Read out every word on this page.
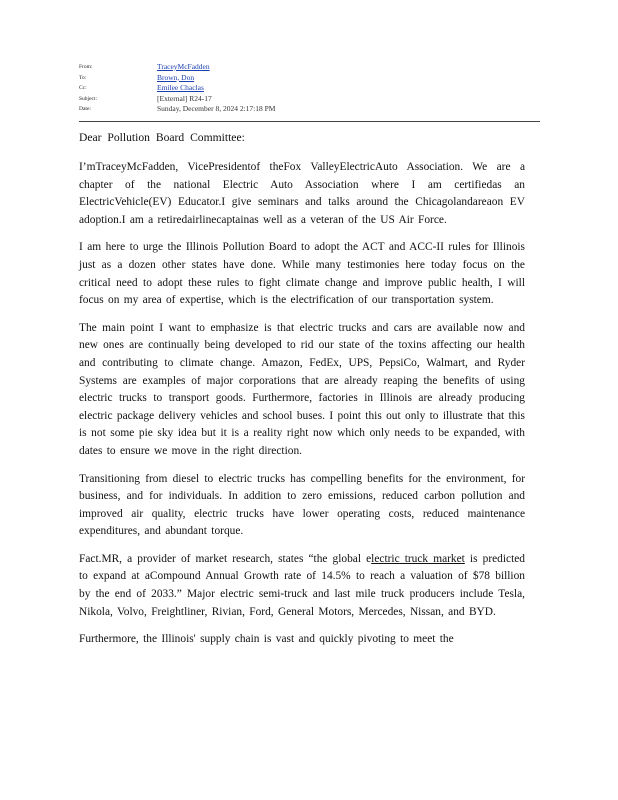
From:	TraceyMcFadden
To:	Brown, Don
Cc:	Emilee Chaclas
Subject:	[External] R24-17
Date:	Sunday, December 8, 2024 2:17:18 PM

Dear Pollution Board Committee:

I’mTraceyMcFadden, VicePresidentof theFox ValleyElectricAuto Association. We are a chapter of the national Electric Auto Association where I am certifiedas an ElectricVehicle(EV) Educator.I give seminars and talks around the Chicagolandareaon EV adoption.I am a retiredairlinecaptainas well as a veteran of the US Air Force.

I am here to urge the Illinois Pollution Board to adopt the ACT and ACC-II rules for Illinois just as a dozen other states have done. While many testimonies here today focus on the critical need to adopt these rules to fight climate change and improve public health, I will focus on my area of expertise, which is the electrification of our transportation system.

The main point I want to emphasize is that electric trucks and cars are available now and new ones are continually being developed to rid our state of the toxins affecting our health and contributing to climate change. Amazon, FedEx, UPS, PepsiCo, Walmart, and Ryder Systems are examples of major corporations that are already reaping the benefits of using electric trucks to transport goods. Furthermore, factories in Illinois are already producing electric package delivery vehicles and school buses. I point this out only to illustrate that this is not some pie sky idea but it is a reality right now which only needs to be expanded, with dates to ensure we move in the right direction.

Transitioning from diesel to electric trucks has compelling benefits for the environment, for business, and for individuals. In addition to zero emissions, reduced carbon pollution and improved air quality, electric trucks have lower operating costs, reduced maintenance expenditures, and abundant torque.

Fact.MR, a provider of market research, states “the global electric truck market is predicted to expand at aCompound Annual Growth rate of 14.5% to reach a valuation of $78 billion by the end of 2033.” Major electric semi-truck and last mile truck producers include Tesla, Nikola, Volvo, Freightliner, Rivian, Ford, General Motors, Mercedes, Nissan, and BYD.

Furthermore, the Illinois' supply chain is vast and quickly pivoting to meet the
